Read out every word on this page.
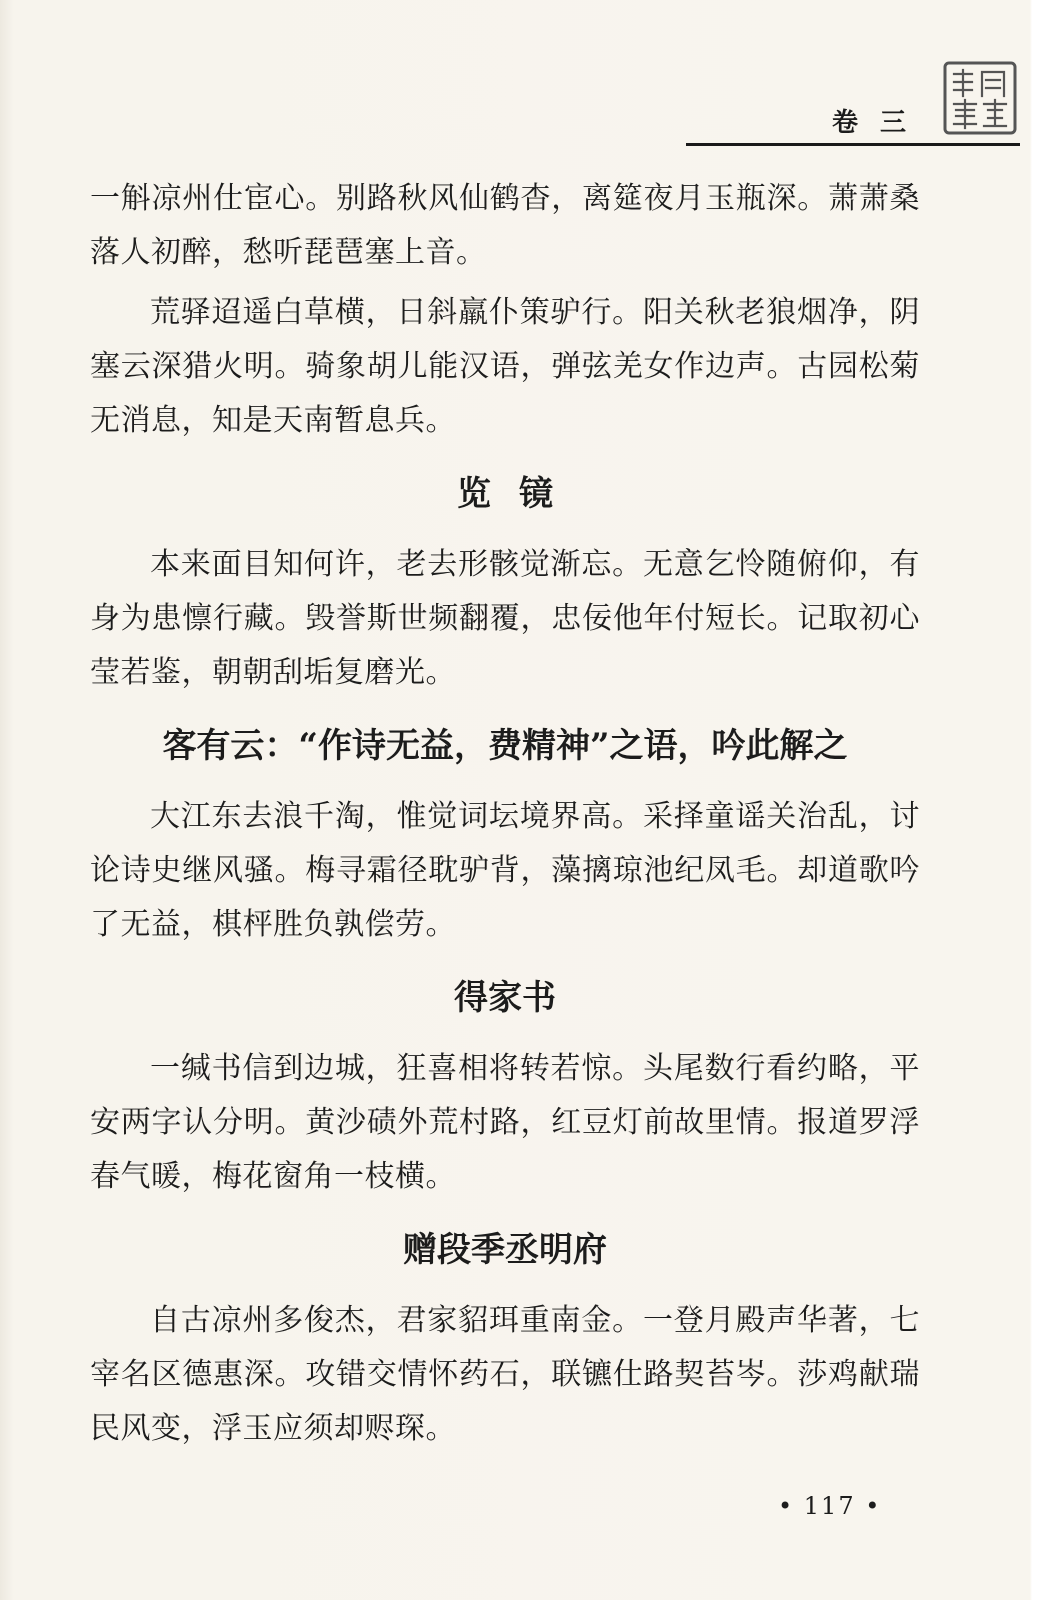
卷三

一斛凉州仕宦心。别路秋风仙鹤杳，离筵夜月玉瓶深。萧萧桑落人初醉，愁听琵琶塞上音。

荒驿迢遥白草横，日斜羸仆策驴行。阳关秋老狼烟净，阴塞云深猎火明。骑象胡儿能汉语，弹弦羌女作边声。古园松菊无消息，知是天南暂息兵。

览镜

本来面目知何许，老去形骸觉渐忘。无意乞怜随俯仰，有身为患懔行藏。毁誉斯世频翻覆，忠佞他年付短长。记取初心莹若鉴，朝朝刮垢复磨光。

客有云：“作诗无益，费精神”之语，吟此解之

大江东去浪千淘，惟觉词坛境界高。采择童谣关治乱，讨论诗史继风骚。梅寻霜径耽驴背，藻摛琼池纪凤毛。却道歌吟了无益，棋枰胜负孰偿劳。

得家书

一缄书信到边城，狂喜相将转若惊。头尾数行看约略，平安两字认分明。黄沙碛外荒村路，红豆灯前故里情。报道罗浮春气暖，梅花窗角一枝横。

赠段季丞明府

自古凉州多俊杰，君家貂珥重南金。一登月殿声华著，七宰名区德惠深。攻错交情怀药石，联镳仕路契苔岑。莎鸡献瑞民风变，浮玉应须却赆琛。

• 117 •
